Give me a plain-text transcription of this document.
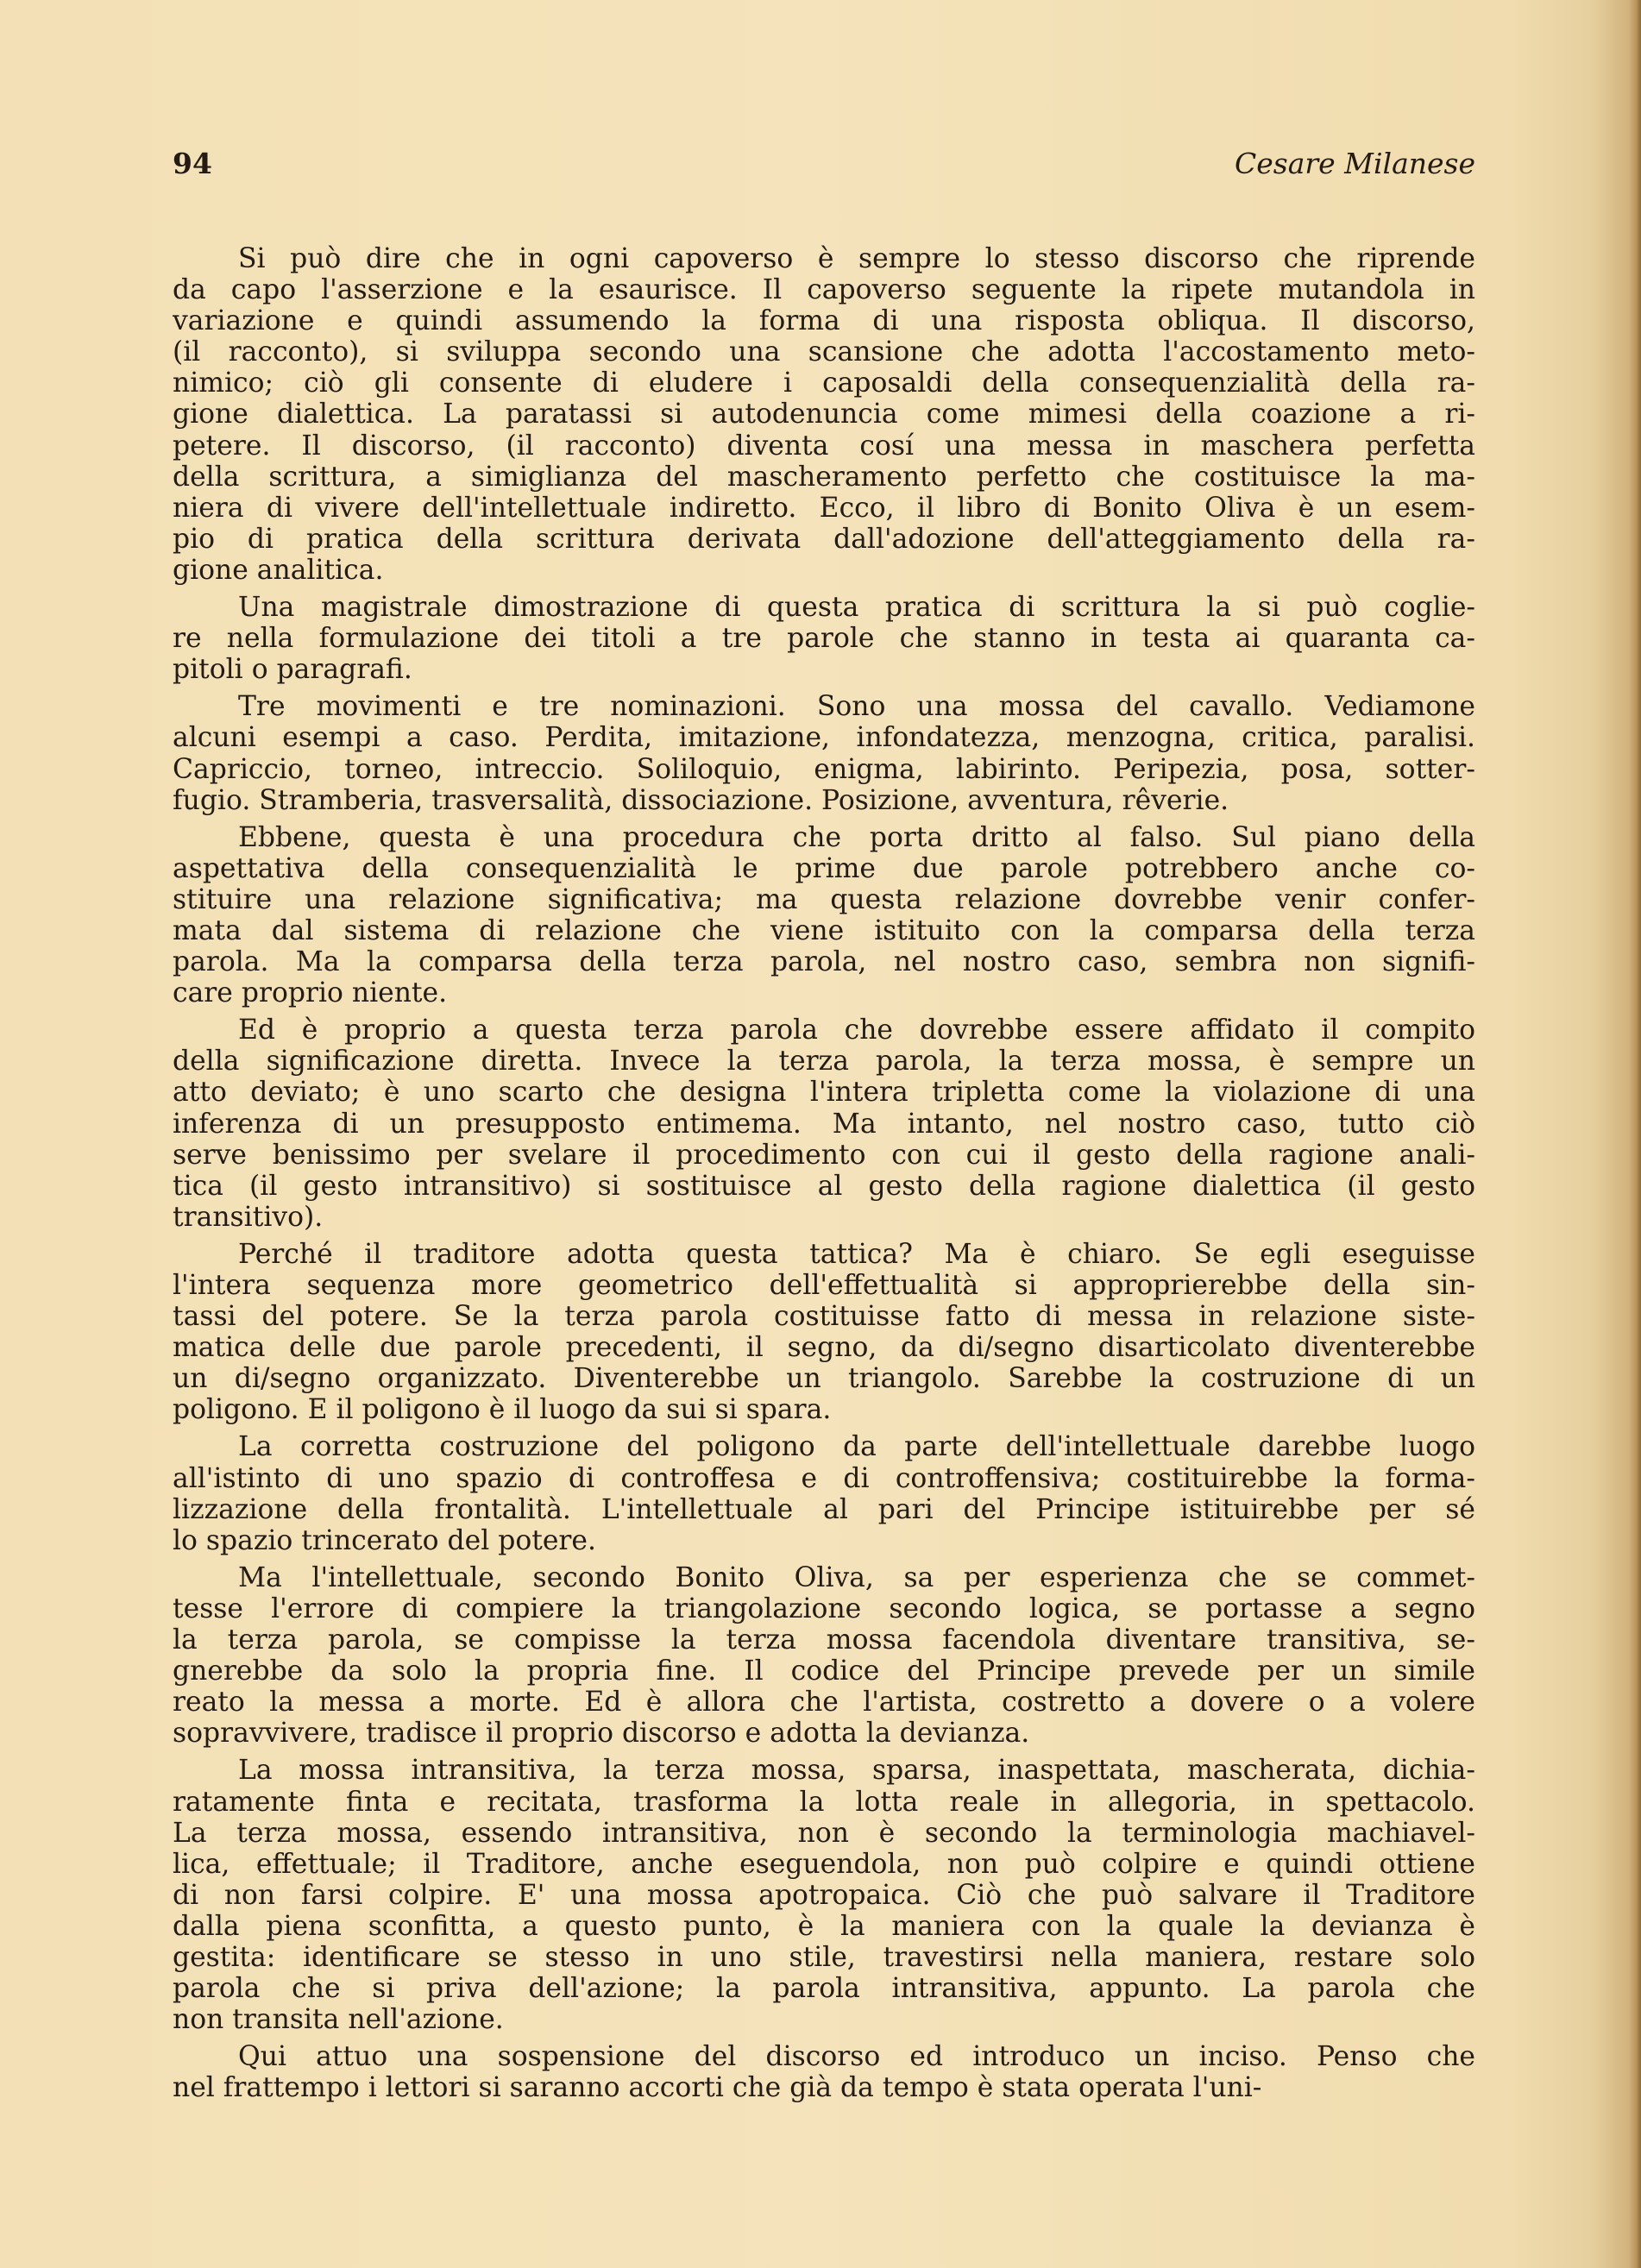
94	Cesare Milanese
Si può dire che in ogni capoverso è sempre lo stesso discorso che riprende
da capo l'asserzione e la esaurisce. Il capoverso seguente la ripete mutandola in
variazione e quindi assumendo la forma di una risposta obliqua. Il discorso,
(il racconto), si sviluppa secondo una scansione che adotta l'accostamento meto-
nimico; ciò gli consente di eludere i caposaldi della consequenzialità della ra-
gione dialettica. La paratassi si autodenuncia come mimesi della coazione a ri-
petere. Il discorso, (il racconto) diventa cosí una messa in maschera perfetta
della scrittura, a simiglianza del mascheramento perfetto che costituisce la ma-
niera di vivere dell'intellettuale indiretto. Ecco, il libro di Bonito Oliva è un esem-
pio di pratica della scrittura derivata dall'adozione dell'atteggiamento della ra-
gione analitica.
Una magistrale dimostrazione di questa pratica di scrittura la si può coglie-
re nella formulazione dei titoli a tre parole che stanno in testa ai quaranta ca-
pitoli o paragrafi.
Tre movimenti e tre nominazioni. Sono una mossa del cavallo. Vediamone
alcuni esempi a caso. Perdita, imitazione, infondatezza, menzogna, critica, paralisi.
Capriccio, torneo, intreccio. Soliloquio, enigma, labirinto. Peripezia, posa, sotter-
fugio. Stramberia, trasversalità, dissociazione. Posizione, avventura, rêverie.
Ebbene, questa è una procedura che porta dritto al falso. Sul piano della
aspettativa della consequenzialità le prime due parole potrebbero anche co-
stituire una relazione significativa; ma questa relazione dovrebbe venir confer-
mata dal sistema di relazione che viene istituito con la comparsa della terza
parola. Ma la comparsa della terza parola, nel nostro caso, sembra non signifi-
care proprio niente.
Ed è proprio a questa terza parola che dovrebbe essere affidato il compito
della significazione diretta. Invece la terza parola, la terza mossa, è sempre un
atto deviato; è uno scarto che designa l'intera tripletta come la violazione di una
inferenza di un presupposto entimema. Ma intanto, nel nostro caso, tutto ciò
serve benissimo per svelare il procedimento con cui il gesto della ragione anali-
tica (il gesto intransitivo) si sostituisce al gesto della ragione dialettica (il gesto
transitivo).
Perché il traditore adotta questa tattica? Ma è chiaro. Se egli eseguisse
l'intera sequenza more geometrico dell'effettualità si approprierebbe della sin-
tassi del potere. Se la terza parola costituisse fatto di messa in relazione siste-
matica delle due parole precedenti, il segno, da di/segno disarticolato diventerebbe
un di/segno organizzato. Diventerebbe un triangolo. Sarebbe la costruzione di un
poligono. E il poligono è il luogo da sui si spara.
La corretta costruzione del poligono da parte dell'intellettuale darebbe luogo
all'istinto di uno spazio di controffesa e di controffensiva; costituirebbe la forma-
lizzazione della frontalità. L'intellettuale al pari del Principe istituirebbe per sé
lo spazio trincerato del potere.
Ma l'intellettuale, secondo Bonito Oliva, sa per esperienza che se commet-
tesse l'errore di compiere la triangolazione secondo logica, se portasse a segno
la terza parola, se compisse la terza mossa facendola diventare transitiva, se-
gnerebbe da solo la propria fine. Il codice del Principe prevede per un simile
reato la messa a morte. Ed è allora che l'artista, costretto a dovere o a volere
sopravvivere, tradisce il proprio discorso e adotta la devianza.
La mossa intransitiva, la terza mossa, sparsa, inaspettata, mascherata, dichia-
ratamente finta e recitata, trasforma la lotta reale in allegoria, in spettacolo.
La terza mossa, essendo intransitiva, non è secondo la terminologia machiavel-
lica, effettuale; il Traditore, anche eseguendola, non può colpire e quindi ottiene
di non farsi colpire. E' una mossa apotropaica. Ciò che può salvare il Traditore
dalla piena sconfitta, a questo punto, è la maniera con la quale la devianza è
gestita: identificare se stesso in uno stile, travestirsi nella maniera, restare solo
parola che si priva dell'azione; la parola intransitiva, appunto. La parola che
non transita nell'azione.
Qui attuo una sospensione del discorso ed introduco un inciso. Penso che
nel frattempo i lettori si saranno accorti che già da tempo è stata operata l'uni-
